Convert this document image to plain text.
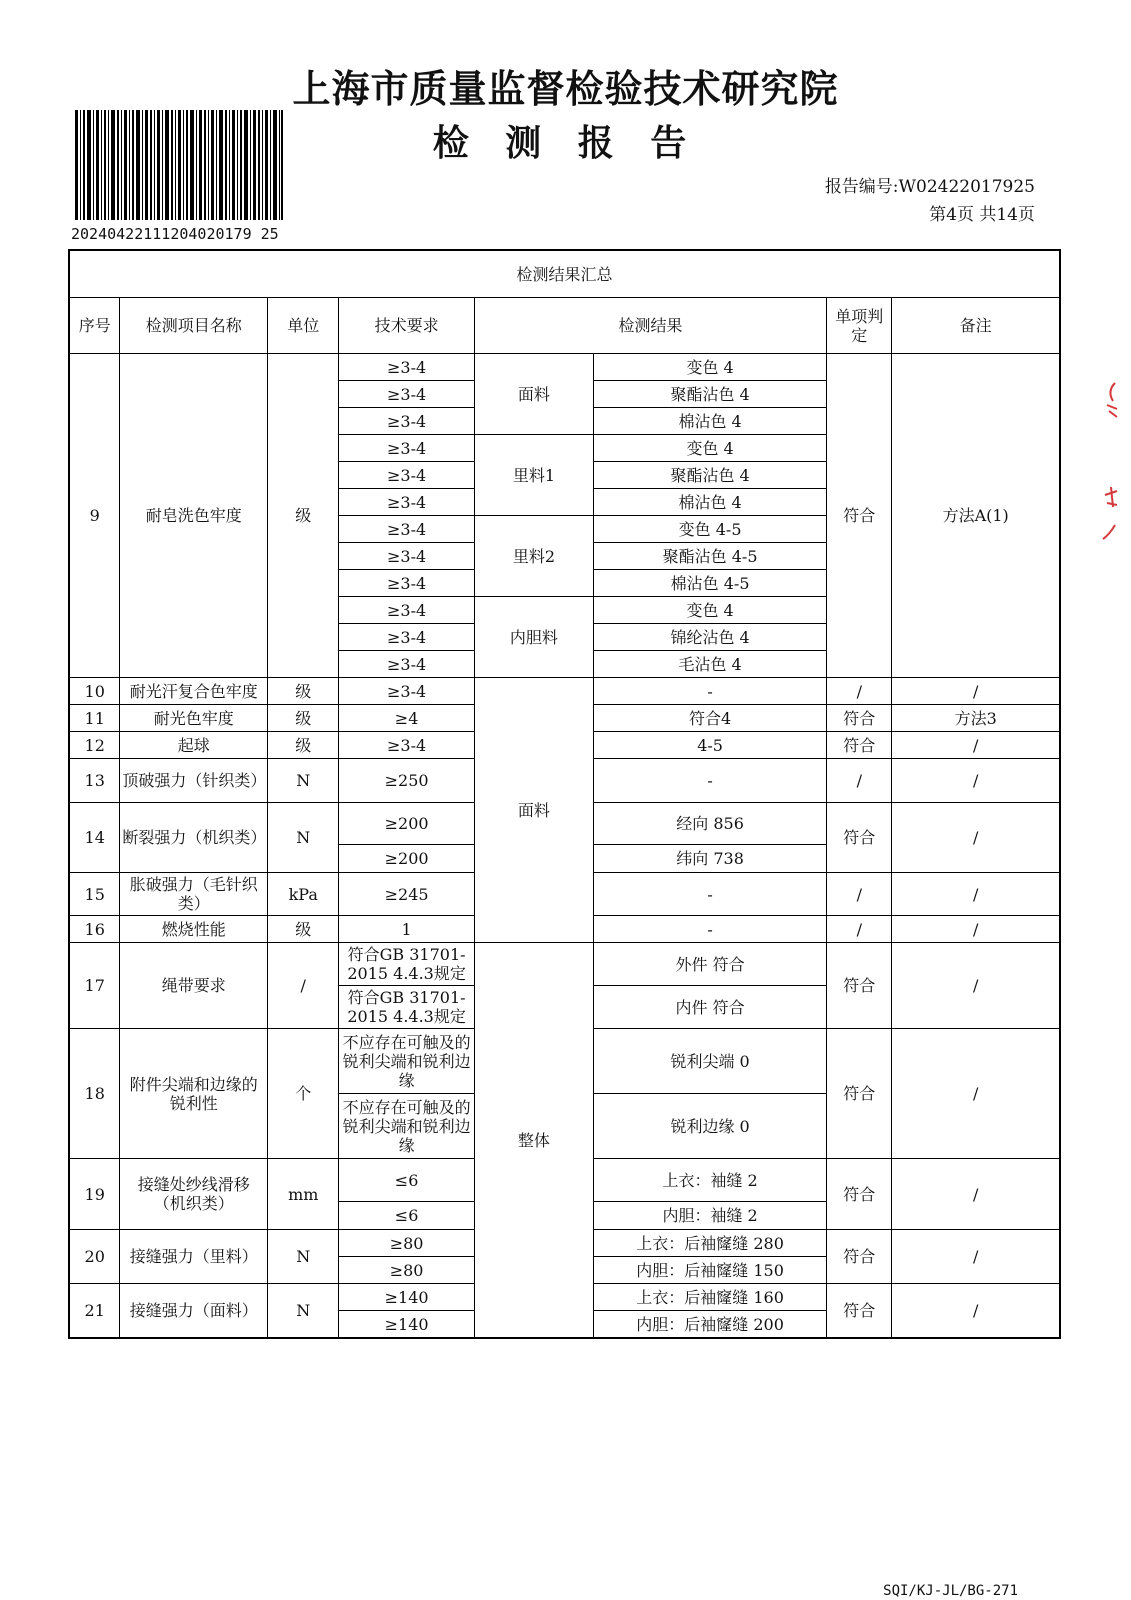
上海市质量监督检验技术研究院
检 测 报 告
20240422111204020179 25
报告编号:W02422017925
第4页 共14页
检测结果汇总							
序号	检测项目名称	单位	技术要求	检测结果		单项判定	备注
9	耐皂洗色牢度	级	≥3-4	面料	变色 4	符合	方法A(1)
			≥3-4		聚酯沾色 4		
			≥3-4		棉沾色 4		
			≥3-4	里料1	变色 4		
			≥3-4		聚酯沾色 4		
			≥3-4		棉沾色 4		
			≥3-4	里料2	变色 4-5		
			≥3-4		聚酯沾色 4-5		
			≥3-4		棉沾色 4-5		
			≥3-4	内胆料	变色 4		
			≥3-4		锦纶沾色 4		
			≥3-4		毛沾色 4		
10	耐光汗复合色牢度	级	≥3-4	面料	-	/	/
11	耐光色牢度	级	≥4		符合4	符合	方法3
12	起球	级	≥3-4		4-5	符合	/
13	顶破强力（针织类）	N	≥250		-	/	/
14	断裂强力（机织类）	N	≥200		经向 856	符合	/
			≥200		纬向 738		
15	胀破强力（毛针织类）	kPa	≥245		-	/	/
16	燃烧性能	级	1		-	/	/
17	绳带要求	/	符合GB 31701-2015 4.4.3规定	整体	外件 符合	符合	/
			符合GB 31701-2015 4.4.3规定		内件 符合		
18	附件尖端和边缘的锐利性	个	不应存在可触及的锐利尖端和锐利边缘		锐利尖端 0	符合	/
			不应存在可触及的锐利尖端和锐利边缘		锐利边缘 0		
19	接缝处纱线滑移（机织类）	mm	≤6		上衣：袖缝 2	符合	/
			≤6		内胆：袖缝 2		
20	接缝强力（里料）	N	≥80		上衣：后袖窿缝 280	符合	/
			≥80		内胆：后袖窿缝 150		
21	接缝强力（面料）	N	≥140		上衣：后袖窿缝 160	符合	/
			≥140		内胆：后袖窿缝 200		
SQI/KJ-JL/BG-271
